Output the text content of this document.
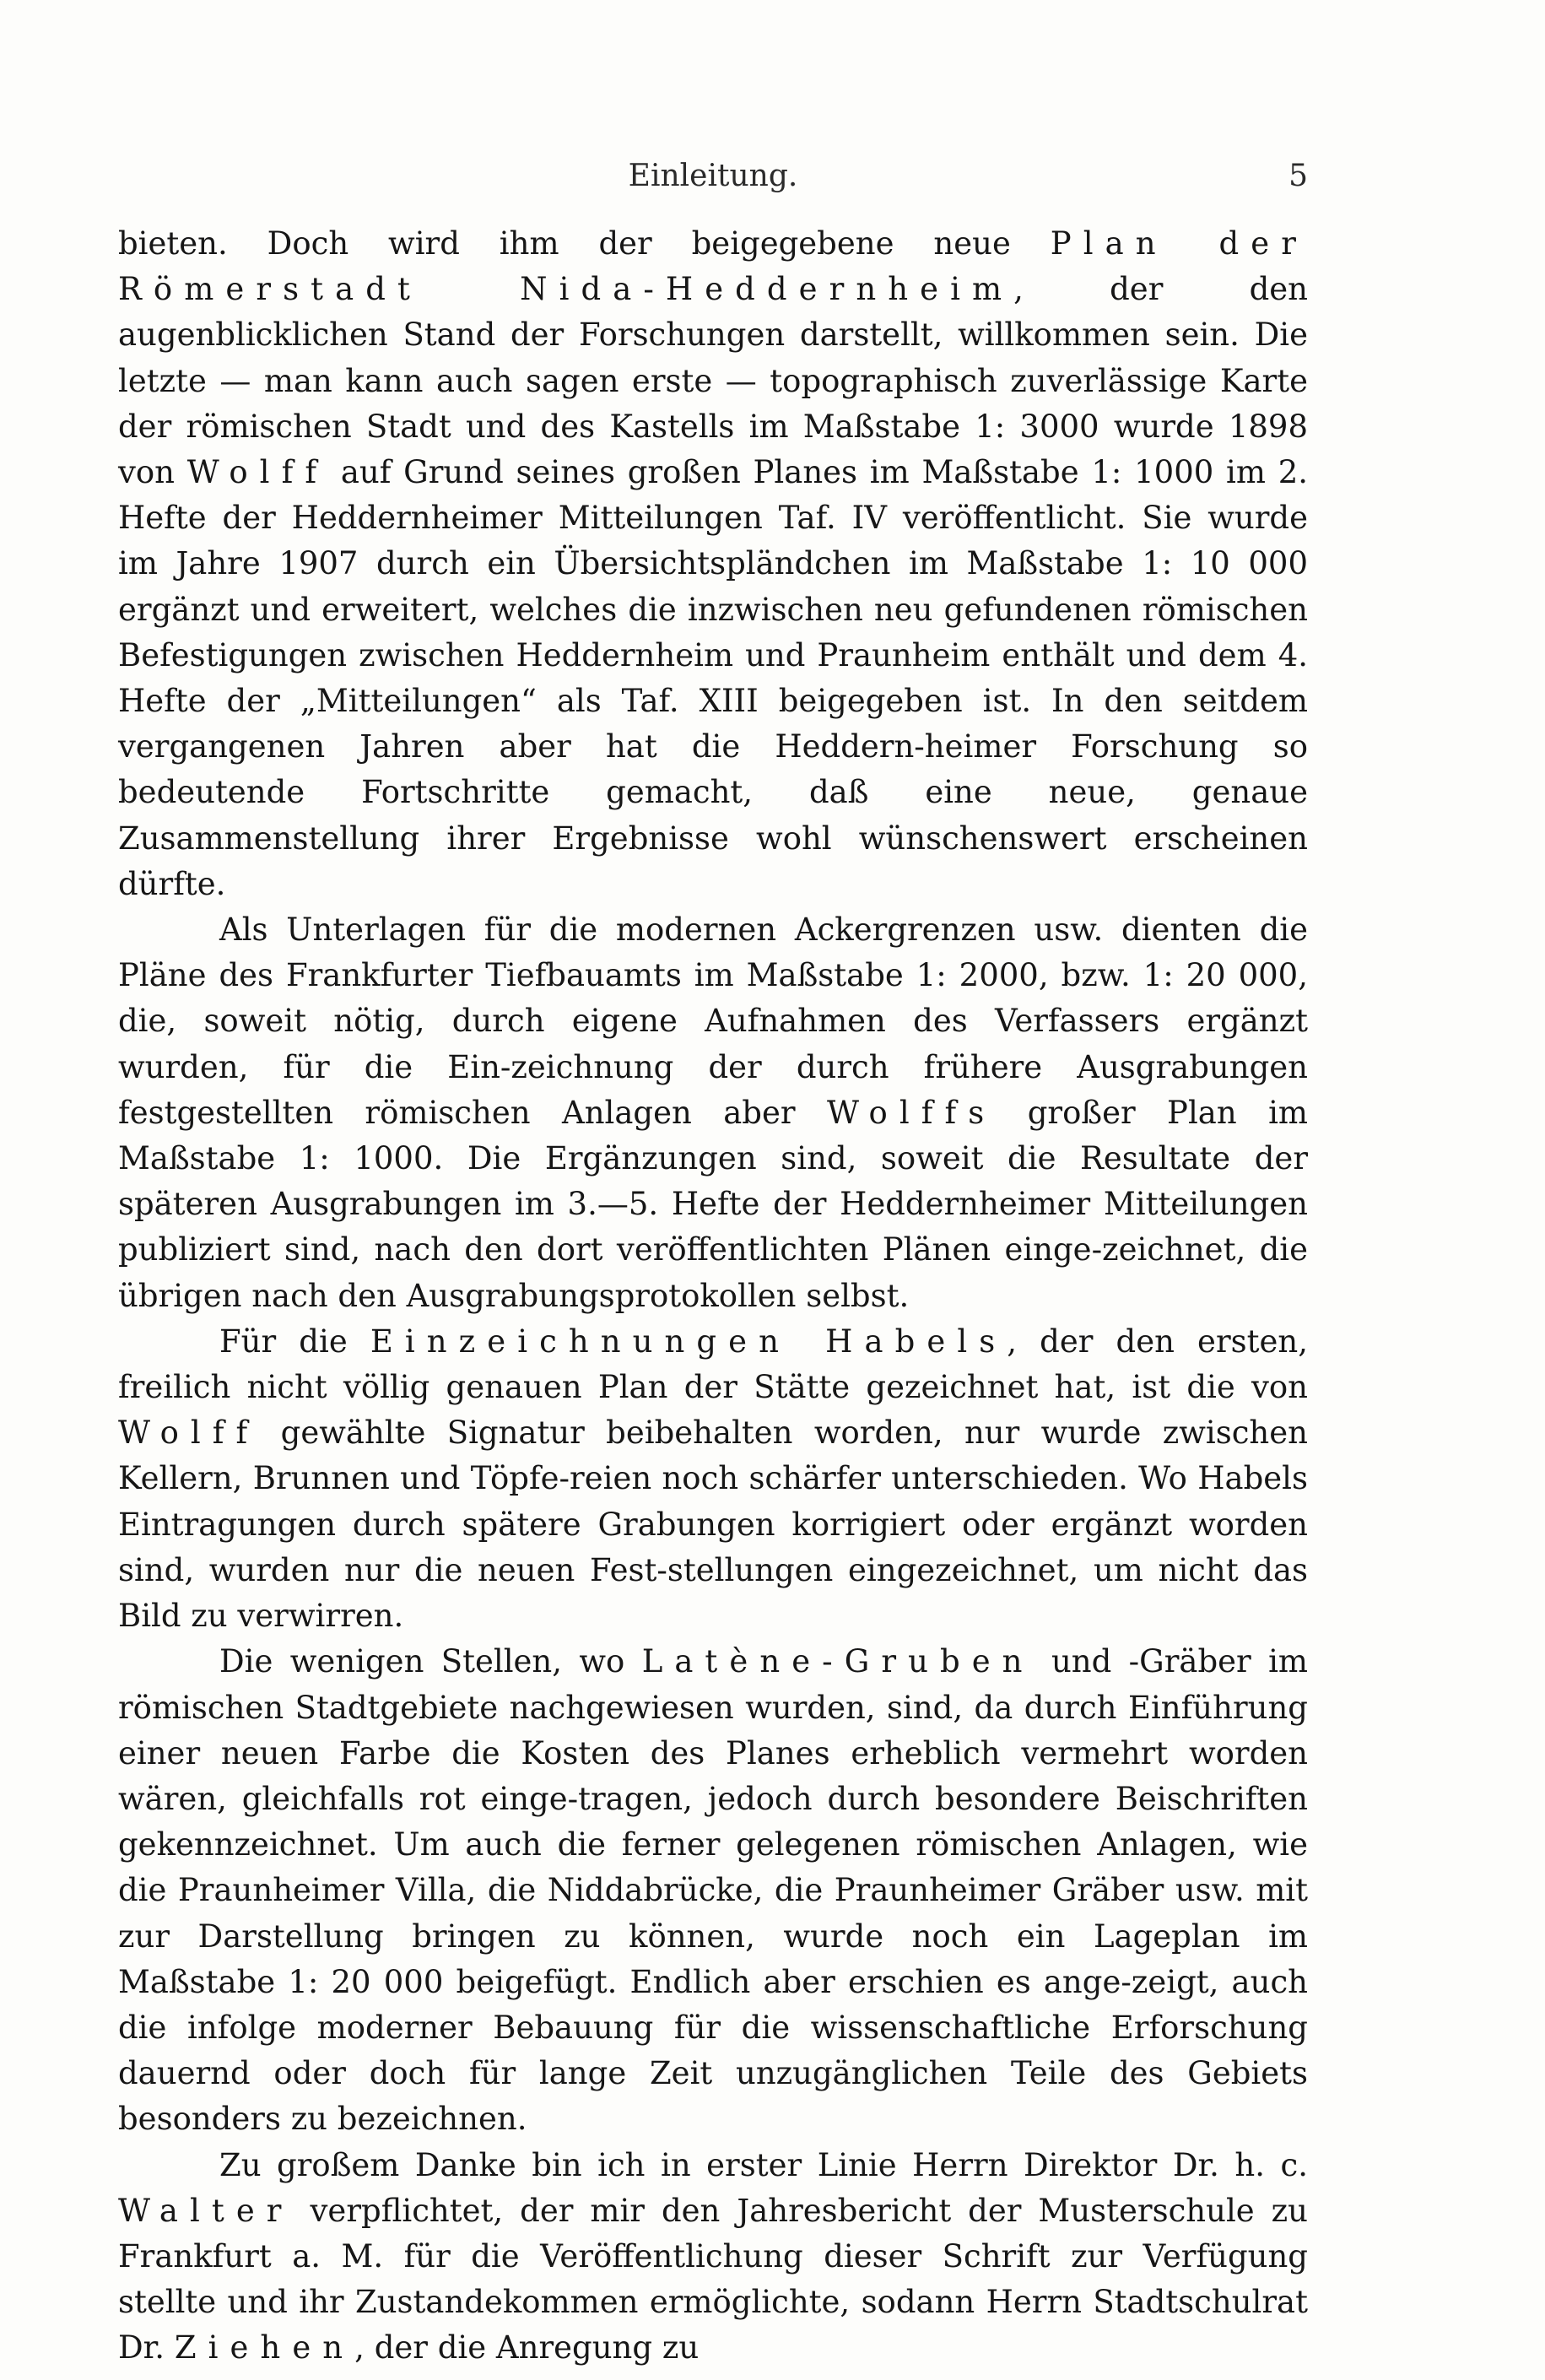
Einleitung.	5

bieten. Doch wird ihm der beigegebene neue Plan der Römerstadt Nida-Heddernheim, der den augenblicklichen Stand der Forschungen darstellt, willkommen sein. Die letzte — man kann auch sagen erste — topographisch zuverlässige Karte der römischen Stadt und des Kastells im Maßstabe 1: 3000 wurde 1898 von Wolff auf Grund seines großen Planes im Maßstabe 1: 1000 im 2. Hefte der Heddernheimer Mitteilungen Taf. IV veröffentlicht. Sie wurde im Jahre 1907 durch ein Übersichtspländchen im Maßstabe 1: 10 000 ergänzt und erweitert, welches die inzwischen neu gefundenen römischen Befestigungen zwischen Heddernheim und Praunheim enthält und dem 4. Hefte der „Mitteilungen“ als Taf. XIII beigegeben ist. In den seitdem vergangenen Jahren aber hat die Heddern-heimer Forschung so bedeutende Fortschritte gemacht, daß eine neue, genaue Zusammenstellung ihrer Ergebnisse wohl wünschenswert erscheinen dürfte.

Als Unterlagen für die modernen Ackergrenzen usw. dienten die Pläne des Frankfurter Tiefbauamts im Maßstabe 1: 2000, bzw. 1: 20 000, die, soweit nötig, durch eigene Aufnahmen des Verfassers ergänzt wurden, für die Ein-zeichnung der durch frühere Ausgrabungen festgestellten römischen Anlagen aber Wolffs großer Plan im Maßstabe 1: 1000. Die Ergänzungen sind, soweit die Resultate der späteren Ausgrabungen im 3.—5. Hefte der Heddernheimer Mitteilungen publiziert sind, nach den dort veröffentlichten Plänen einge-zeichnet, die übrigen nach den Ausgrabungsprotokollen selbst.

Für die Einzeichnungen Habels, der den ersten, freilich nicht völlig genauen Plan der Stätte gezeichnet hat, ist die von Wolff gewählte Signatur beibehalten worden, nur wurde zwischen Kellern, Brunnen und Töpfe-reien noch schärfer unterschieden. Wo Habels Eintragungen durch spätere Grabungen korrigiert oder ergänzt worden sind, wurden nur die neuen Fest-stellungen eingezeichnet, um nicht das Bild zu verwirren.

Die wenigen Stellen, wo Latène-Gruben und -Gräber im römischen Stadtgebiete nachgewiesen wurden, sind, da durch Einführung einer neuen Farbe die Kosten des Planes erheblich vermehrt worden wären, gleichfalls rot einge-tragen, jedoch durch besondere Beischriften gekennzeichnet. Um auch die ferner gelegenen römischen Anlagen, wie die Praunheimer Villa, die Niddabrücke, die Praunheimer Gräber usw. mit zur Darstellung bringen zu können, wurde noch ein Lageplan im Maßstabe 1: 20 000 beigefügt. Endlich aber erschien es ange-zeigt, auch die infolge moderner Bebauung für die wissenschaftliche Erforschung dauernd oder doch für lange Zeit unzugänglichen Teile des Gebiets besonders zu bezeichnen.

Zu großem Danke bin ich in erster Linie Herrn Direktor Dr. h. c. Walter verpflichtet, der mir den Jahresbericht der Musterschule zu Frankfurt a. M. für die Veröffentlichung dieser Schrift zur Verfügung stellte und ihr Zustandekommen ermöglichte, sodann Herrn Stadtschulrat Dr. Ziehen, der die Anregung zu
